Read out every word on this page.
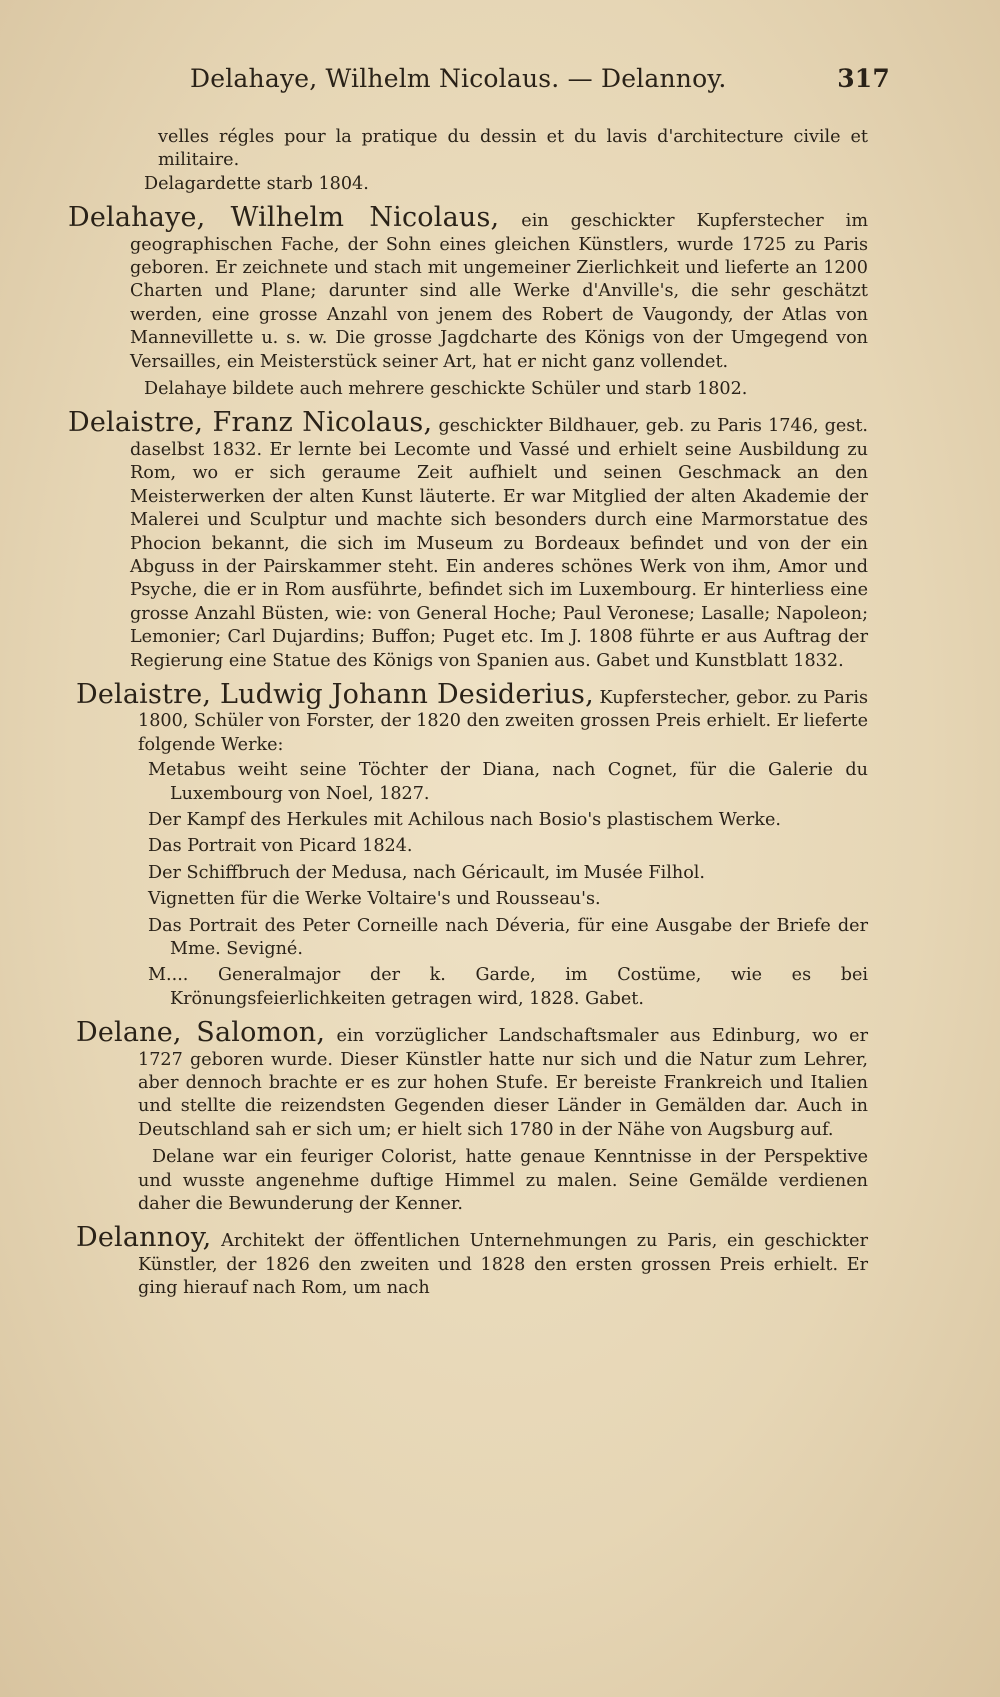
Delahaye, Wilhelm Nicolaus. — Delannoy.	317

velles régles pour la pratique du dessin et du lavis d'architecture civile et militaire.

Delagardette starb 1804.

Delahaye, Wilhelm Nicolaus, ein geschickter Kupferstecher im geographischen Fache, der Sohn eines gleichen Künstlers, wurde 1725 zu Paris geboren. Er zeichnete und stach mit ungemeiner Zierlichkeit und lieferte an 1200 Charten und Plane; darunter sind alle Werke d'Anville's, die sehr geschätzt werden, eine grosse Anzahl von jenem des Robert de Vaugondy, der Atlas von Mannevillette u. s. w. Die grosse Jagdcharte des Königs von der Umgegend von Versailles, ein Meisterstück seiner Art, hat er nicht ganz vollendet.

Delahaye bildete auch mehrere geschickte Schüler und starb 1802.

Delaistre, Franz Nicolaus, geschickter Bildhauer, geb. zu Paris 1746, gest. daselbst 1832. Er lernte bei Lecomte und Vassé und erhielt seine Ausbildung zu Rom, wo er sich geraume Zeit aufhielt und seinen Geschmack an den Meisterwerken der alten Kunst läuterte. Er war Mitglied der alten Akademie der Malerei und Sculptur und machte sich besonders durch eine Marmorstatue des Phocion bekannt, die sich im Museum zu Bordeaux befindet und von der ein Abguss in der Pairskammer steht. Ein anderes schönes Werk von ihm, Amor und Psyche, die er in Rom ausführte, befindet sich im Luxembourg. Er hinterliess eine grosse Anzahl Büsten, wie: von General Hoche; Paul Veronese; Lasalle; Napoleon; Lemonier; Carl Dujardins; Buffon; Puget etc. Im J. 1808 führte er aus Auftrag der Regierung eine Statue des Königs von Spanien aus. Gabet und Kunstblatt 1832.

Delaistre, Ludwig Johann Desiderius, Kupferstecher, gebor. zu Paris 1800, Schüler von Forster, der 1820 den zweiten grossen Preis erhielt. Er lieferte folgende Werke:

Metabus weiht seine Töchter der Diana, nach Cognet, für die Galerie du Luxembourg von Noel, 1827.
Der Kampf des Herkules mit Achilous nach Bosio's plastischem Werke.
Das Portrait von Picard 1824.
Der Schiffbruch der Medusa, nach Géricault, im Musée Filhol.
Vignetten für die Werke Voltaire's und Rousseau's.
Das Portrait des Peter Corneille nach Déveria, für eine Ausgabe der Briefe der Mme. Sevigné.
M.... Generalmajor der k. Garde, im Costüme, wie es bei Krönungsfeierlichkeiten getragen wird, 1828. Gabet.

Delane, Salomon, ein vorzüglicher Landschaftsmaler aus Edinburg, wo er 1727 geboren wurde. Dieser Künstler hatte nur sich und die Natur zum Lehrer, aber dennoch brachte er es zur hohen Stufe. Er bereiste Frankreich und Italien und stellte die reizendsten Gegenden dieser Länder in Gemälden dar. Auch in Deutschland sah er sich um; er hielt sich 1780 in der Nähe von Augsburg auf.

Delane war ein feuriger Colorist, hatte genaue Kenntnisse in der Perspektive und wusste angenehme duftige Himmel zu malen. Seine Gemälde verdienen daher die Bewunderung der Kenner.

Delannoy, Architekt der öffentlichen Unternehmungen zu Paris, ein geschickter Künstler, der 1826 den zweiten und 1828 den ersten grossen Preis erhielt. Er ging hierauf nach Rom, um nach
